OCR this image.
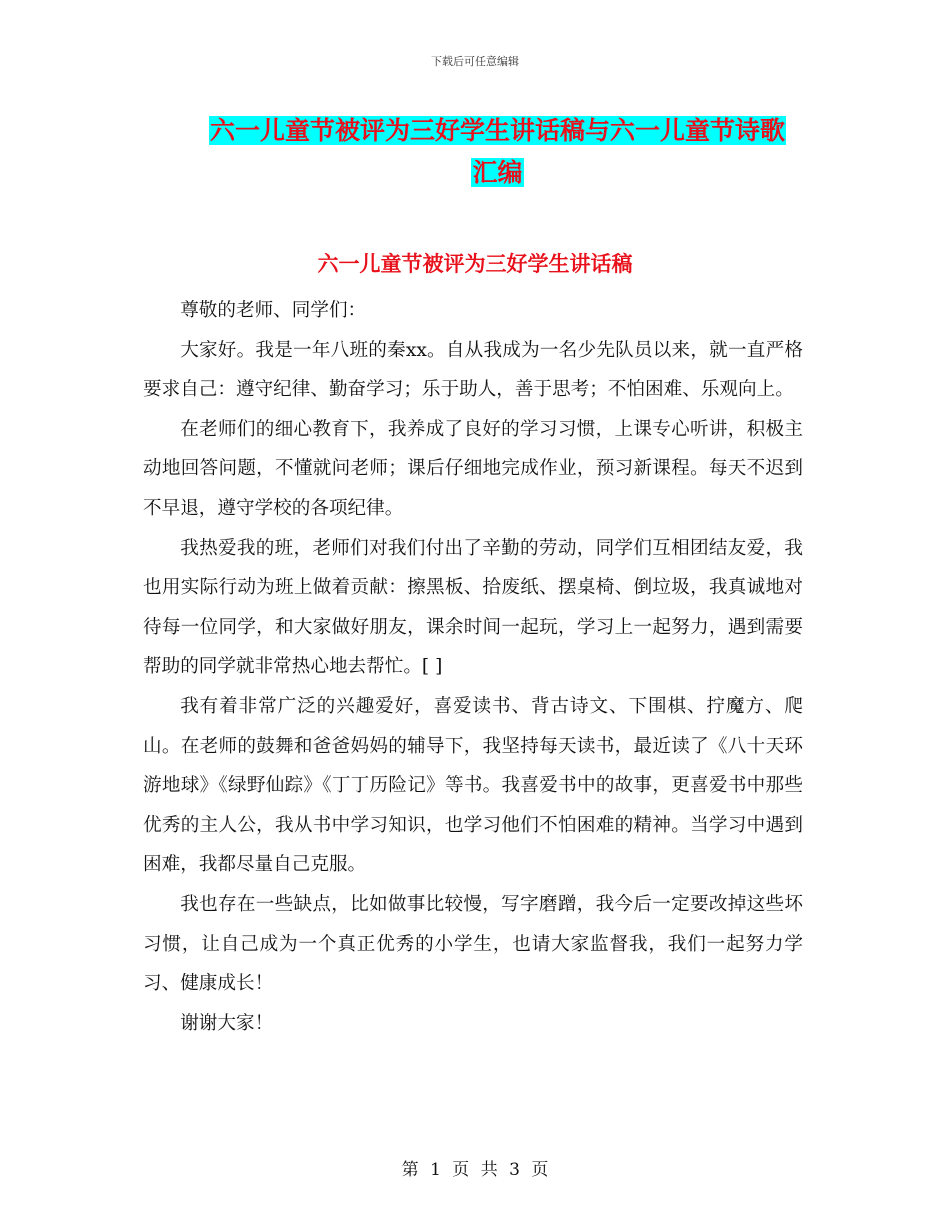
下载后可任意编辑
六一儿童节被评为三好学生讲话稿与六一儿童节诗歌
汇编
六一儿童节被评为三好学生讲话稿

尊敬的老师、同学们：

大家好。我是一年八班的秦xx。自从我成为一名少先队员以来，就一直严格要求自己：遵守纪律、勤奋学习；乐于助人，善于思考；不怕困难、乐观向上。

在老师们的细心教育下，我养成了良好的学习习惯，上课专心听讲，积极主动地回答问题，不懂就问老师；课后仔细地完成作业，预习新课程。每天不迟到不早退，遵守学校的各项纪律。

我热爱我的班，老师们对我们付出了辛勤的劳动，同学们互相团结友爱，我也用实际行动为班上做着贡献：擦黑板、拾废纸、摆桌椅、倒垃圾，我真诚地对待每一位同学，和大家做好朋友，课余时间一起玩，学习上一起努力，遇到需要帮助的同学就非常热心地去帮忙。[ ]

我有着非常广泛的兴趣爱好，喜爱读书、背古诗文、下围棋、拧魔方、爬山。在老师的鼓舞和爸爸妈妈的辅导下，我坚持每天读书，最近读了《八十天环游地球》《绿野仙踪》《丁丁历险记》等书。我喜爱书中的故事，更喜爱书中那些优秀的主人公，我从书中学习知识，也学习他们不怕困难的精神。当学习中遇到困难，我都尽量自己克服。

我也存在一些缺点，比如做事比较慢，写字磨蹭，我今后一定要改掉这些坏习惯，让自己成为一个真正优秀的小学生，也请大家监督我，我们一起努力学习、健康成长！

谢谢大家！

第 1 页 共 3 页
